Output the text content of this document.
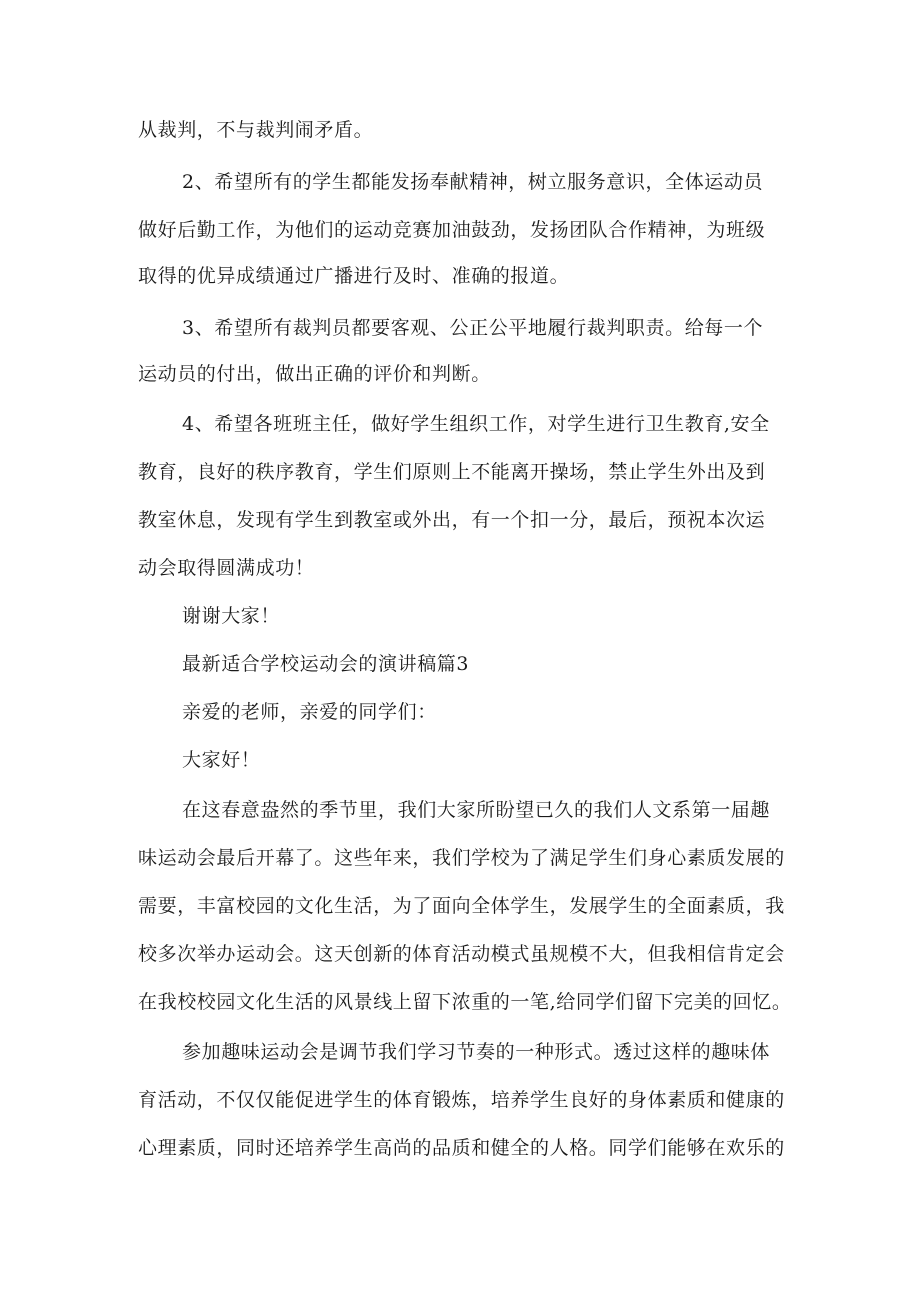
从裁判，不与裁判闹矛盾。
2、希望所有的学生都能发扬奉献精神，树立服务意识，全体运动员
做好后勤工作，为他们的运动竞赛加油鼓劲，发扬团队合作精神，为班级
取得的优异成绩通过广播进行及时、准确的报道。
3、希望所有裁判员都要客观、公正公平地履行裁判职责。给每一个
运动员的付出，做出正确的评价和判断。
4、希望各班班主任，做好学生组织工作，对学生进行卫生教育,安全
教育，良好的秩序教育，学生们原则上不能离开操场，禁止学生外出及到
教室休息，发现有学生到教室或外出，有一个扣一分，最后，预祝本次运
动会取得圆满成功！
谢谢大家！
最新适合学校运动会的演讲稿篇3
亲爱的老师，亲爱的同学们：
大家好！
在这春意盎然的季节里，我们大家所盼望已久的我们人文系第一届趣
味运动会最后开幕了。这些年来，我们学校为了满足学生们身心素质发展的
需要，丰富校园的文化生活，为了面向全体学生，发展学生的全面素质，我
校多次举办运动会。这天创新的体育活动模式虽规模不大，但我相信肯定会
在我校校园文化生活的风景线上留下浓重的一笔,给同学们留下完美的回忆。
参加趣味运动会是调节我们学习节奏的一种形式。透过这样的趣味体
育活动，不仅仅能促进学生的体育锻炼，培养学生良好的身体素质和健康的
心理素质，同时还培养学生高尚的品质和健全的人格。同学们能够在欢乐的
